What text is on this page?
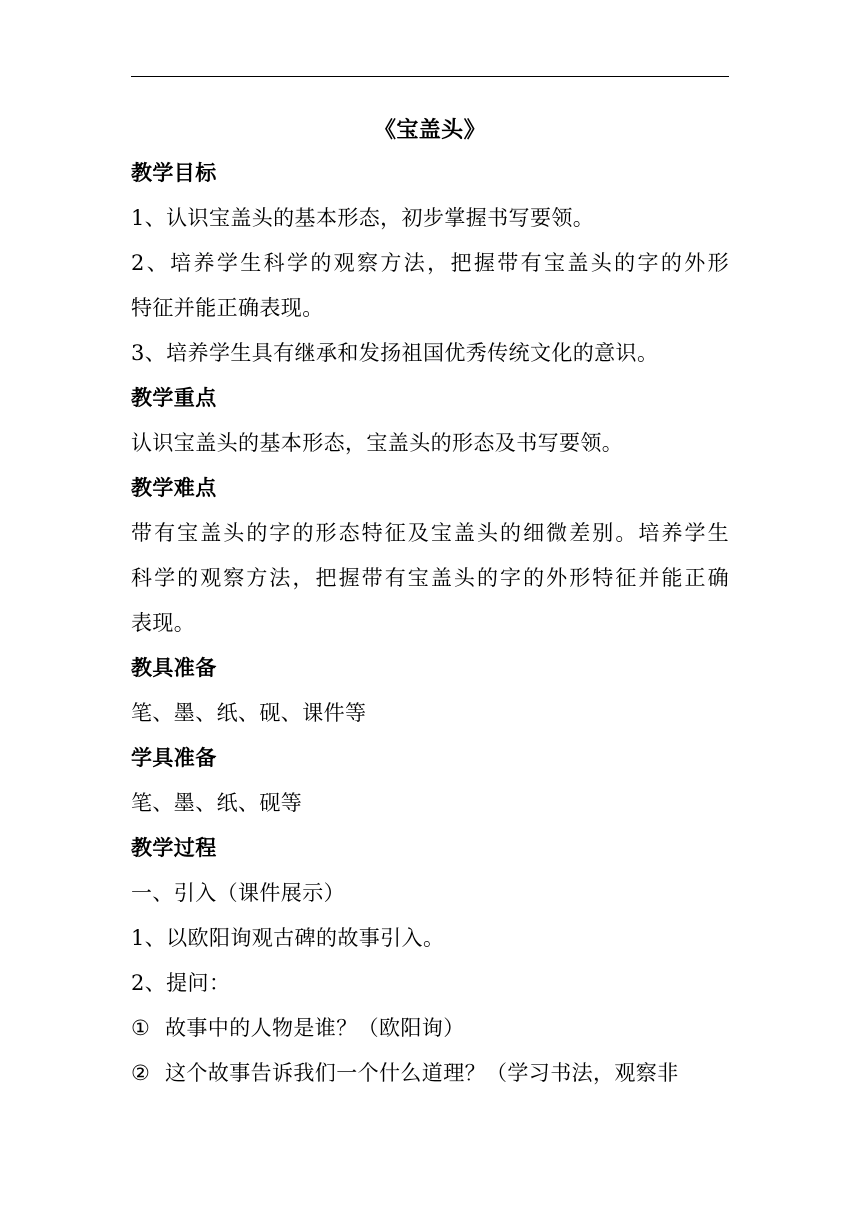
《宝盖头》
教学目标
1、认识宝盖头的基本形态，初步掌握书写要领。
2、培养学生科学的观察方法，把握带有宝盖头的字的外形
特征并能正确表现。
3、培养学生具有继承和发扬祖国优秀传统文化的意识。
教学重点
认识宝盖头的基本形态，宝盖头的形态及书写要领。
教学难点
带有宝盖头的字的形态特征及宝盖头的细微差别。培养学生
科学的观察方法，把握带有宝盖头的字的外形特征并能正确
表现。
教具准备
笔、墨、纸、砚、课件等
学具准备
笔、墨、纸、砚等
教学过程
一、引入（课件展示）
1、以欧阳询观古碑的故事引入。
2、提问：
① 故事中的人物是谁？（欧阳询）
② 这个故事告诉我们一个什么道理？（学习书法，观察非
